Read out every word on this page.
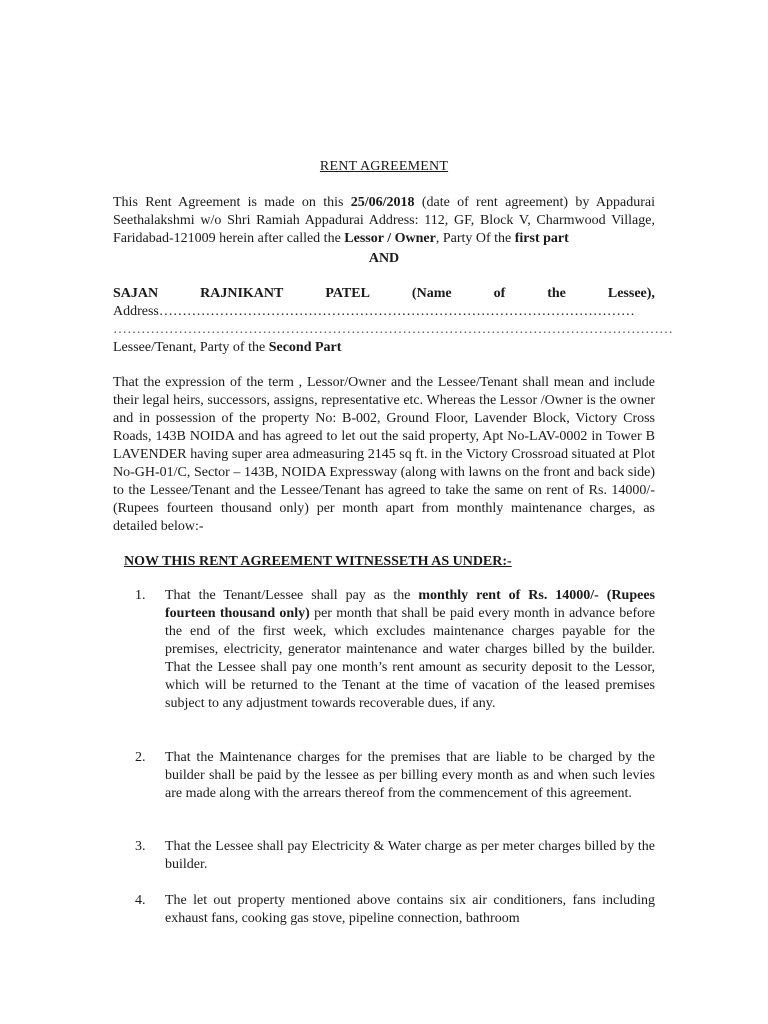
RENT AGREEMENT
This Rent Agreement is made on this 25/06/2018 (date of rent agreement) by Appadurai Seethalakshmi w/o Shri Ramiah Appadurai Address: 112, GF, Block V, Charmwood Village, Faridabad-121009 herein after called the Lessor / Owner, Party Of the first part
AND
SAJAN	RAJNIKANT	PATEL	(Name	of	the	Lessee),
Address…………………………………………………………………………………………
…………………………………………………………………………………………………………
Lessee/Tenant, Party of the Second Part
That the expression of the term , Lessor/Owner and the Lessee/Tenant shall mean and include their legal heirs, successors, assigns, representative etc. Whereas the Lessor /Owner is the owner and in possession of the property No: B-002, Ground Floor, Lavender Block, Victory Cross Roads, 143B NOIDA and has agreed to let out the said property, Apt No-LAV-0002 in Tower B LAVENDER having super area admeasuring 2145 sq ft. in the Victory Crossroad situated at Plot No-GH-01/C, Sector – 143B, NOIDA Expressway (along with lawns on the front and back side) to the Lessee/Tenant and the Lessee/Tenant has agreed to take the same on rent of Rs. 14000/- (Rupees fourteen thousand only) per month apart from monthly maintenance charges, as detailed below:-
NOW THIS RENT AGREEMENT WITNESSETH AS UNDER:-
1.	That the Tenant/Lessee shall pay as the monthly rent of Rs. 14000/- (Rupees fourteen thousand only) per month that shall be paid every month in advance before the end of the first week, which excludes maintenance charges payable for the premises, electricity, generator maintenance and water charges billed by the builder. That the Lessee shall pay one month’s rent amount as security deposit to the Lessor, which will be returned to the Tenant at the time of vacation of the leased premises subject to any adjustment towards recoverable dues, if any.
2.	That the Maintenance charges for the premises that are liable to be charged by the builder shall be paid by the lessee as per billing every month as and when such levies are made along with the arrears thereof from the commencement of this agreement.
3.	That the Lessee shall pay Electricity & Water charge as per meter charges billed by the builder.
4.	The let out property mentioned above contains six air conditioners, fans including exhaust fans, cooking gas stove, pipeline connection, bathroom
